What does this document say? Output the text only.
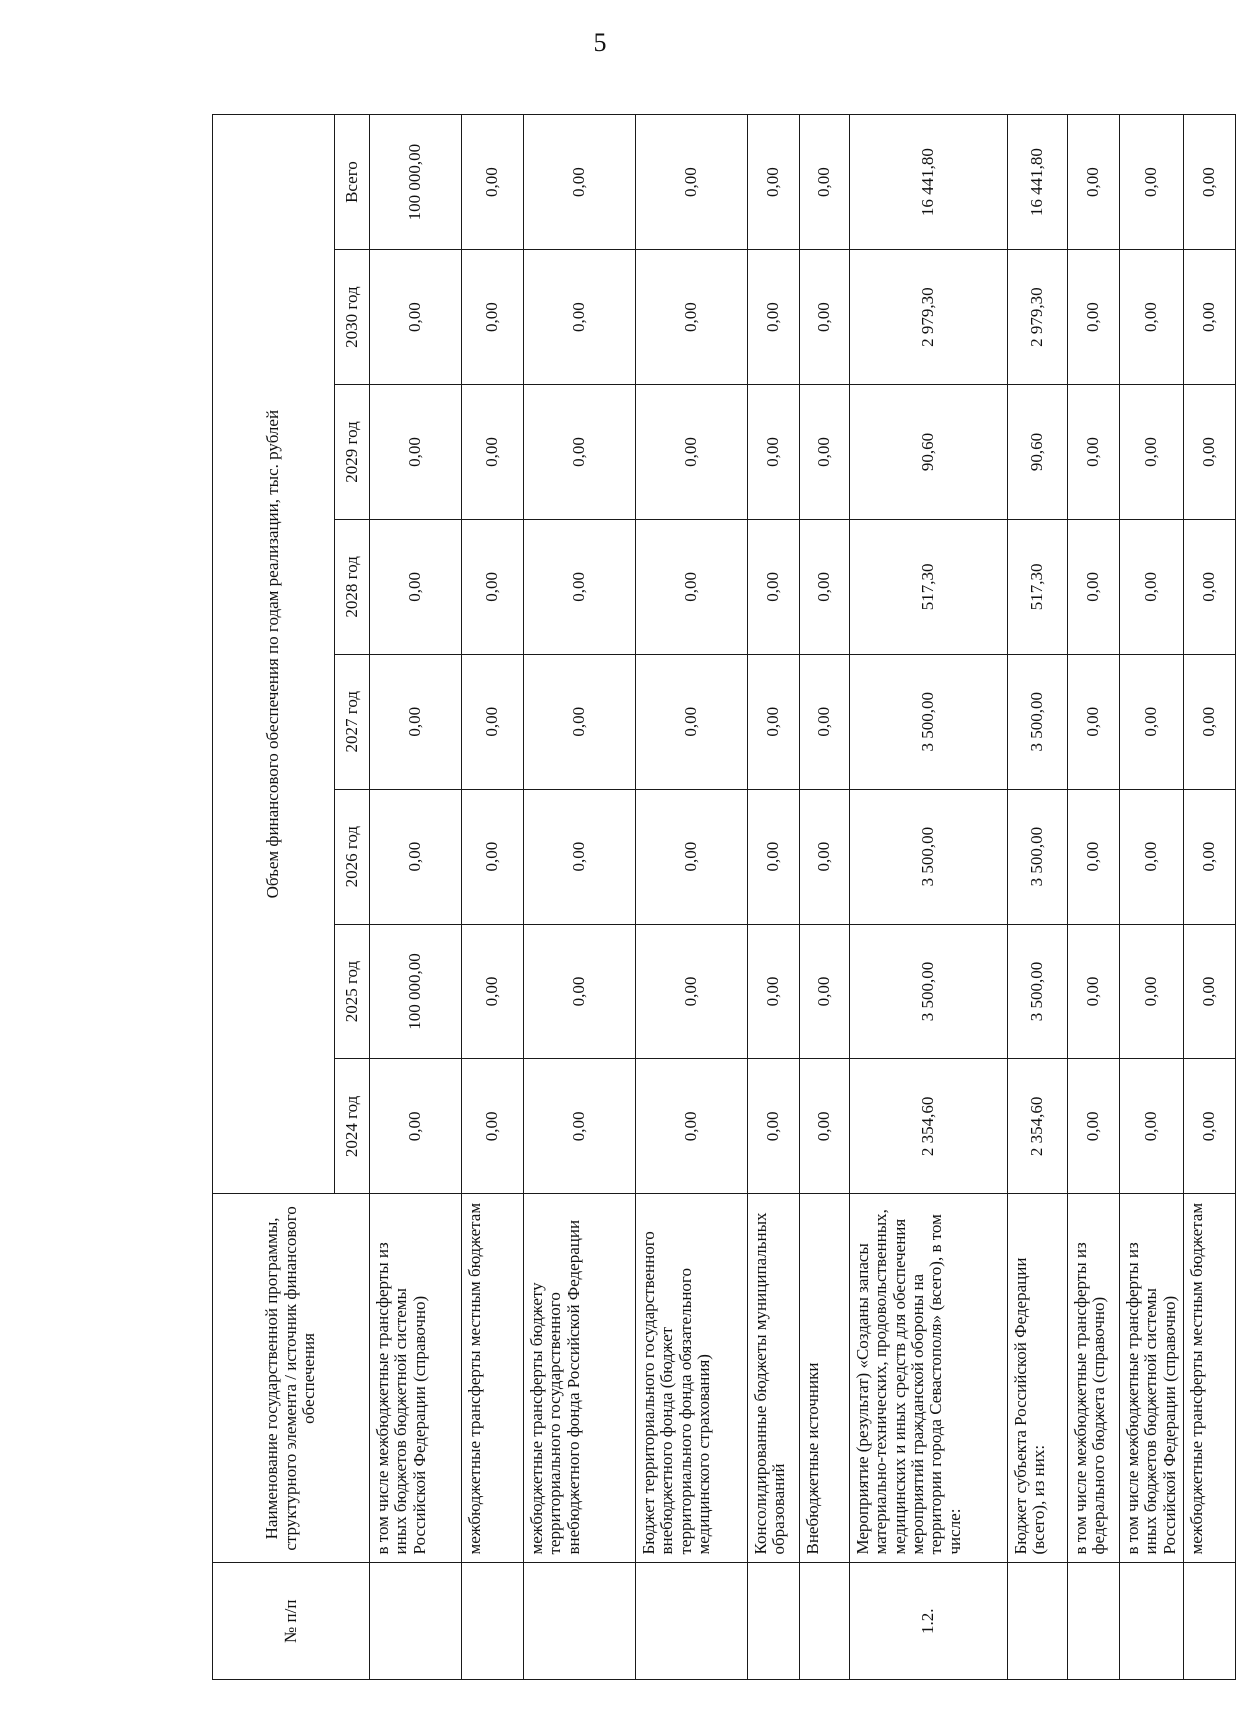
5
№ п/п	Наименование государственной программы, структурного элемента / источник финансового обеспечения	Объем финансового обеспечения по годам реализации, тыс. рублей							
		2024 год	2025 год	2026 год	2027 год	2028 год	2029 год	2030 год	Всего
	в том числе межбюджетные трансферты из иных бюджетов бюджетной системы Российской Федерации (справочно)	0,00	100 000,00	0,00	0,00	0,00	0,00	0,00	100 000,00
	межбюджетные трансферты местным бюджетам	0,00	0,00	0,00	0,00	0,00	0,00	0,00	0,00
	межбюджетные трансферты бюджету территориального государственного внебюджетного фонда Российской Федерации	0,00	0,00	0,00	0,00	0,00	0,00	0,00	0,00
	Бюджет территориального государственного внебюджетного фонда (бюджет территориального фонда обязательного медицинского страхования)	0,00	0,00	0,00	0,00	0,00	0,00	0,00	0,00
	Консолидированные бюджеты муниципальных образований	0,00	0,00	0,00	0,00	0,00	0,00	0,00	0,00
	Внебюджетные источники	0,00	0,00	0,00	0,00	0,00	0,00	0,00	0,00
1.2.	Мероприятие (результат) «Созданы запасы материально-технических, продовольственных, медицинских и иных средств для обеспечения мероприятий гражданской обороны на территории города Севастополя» (всего), в том числе:	2 354,60	3 500,00	3 500,00	3 500,00	517,30	90,60	2 979,30	16 441,80
	Бюджет субъекта Российской Федерации (всего), из них:	2 354,60	3 500,00	3 500,00	3 500,00	517,30	90,60	2 979,30	16 441,80
	в том числе межбюджетные трансферты из федерального бюджета (справочно)	0,00	0,00	0,00	0,00	0,00	0,00	0,00	0,00
	в том числе межбюджетные трансферты из иных бюджетов бюджетной системы Российской Федерации (справочно)	0,00	0,00	0,00	0,00	0,00	0,00	0,00	0,00
	межбюджетные трансферты местным бюджетам	0,00	0,00	0,00	0,00	0,00	0,00	0,00	0,00
